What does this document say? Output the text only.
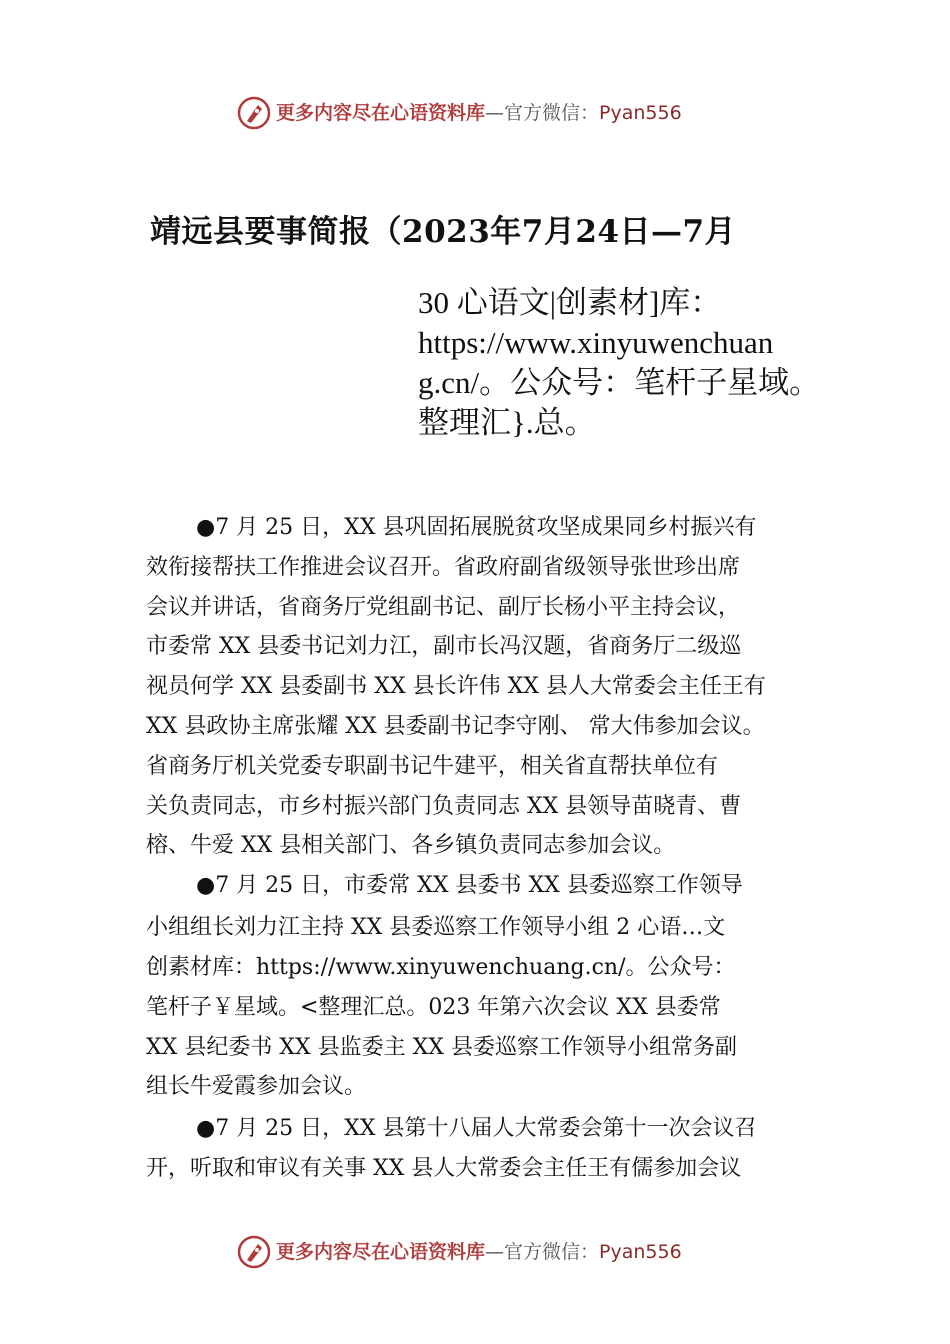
更多内容尽在心语资料库—官方微信：Pyan556
靖远县要事简报（2023年7月24日—7月
30 心语文|创素材]库：
https://www.xinyuwenchuan
g.cn/。公众号：笔杆子星域。
整理汇}.总。
●7 月 25 日，XX 县巩固拓展脱贫攻坚成果同乡村振兴有
效衔接帮扶工作推进会议召开。省政府副省级领导张世珍出席
会议并讲话，省商务厅党组副书记、副厅长杨小平主持会议，
市委常 XX 县委书记刘力江，副市长冯汉题，省商务厅二级巡
视员何学 XX 县委副书 XX 县长许伟 XX 县人大常委会主任王有
XX 县政协主席张耀 XX 县委副书记李守刚、 常大伟参加会议。
省商务厅机关党委专职副书记牛建平，相关省直帮扶单位有
关负责同志，市乡村振兴部门负责同志 XX 县领导苗晓青、曹
榕、牛爱 XX 县相关部门、各乡镇负责同志参加会议。
●7 月 25 日，市委常 XX 县委书 XX 县委巡察工作领导
小组组长刘力江主持 XX 县委巡察工作领导小组 2 心语…文
创素材库：https://www.xinyuwenchuang.cn/。公众号：
笔杆子￥星域。<整理汇总。023 年第六次会议 XX 县委常
XX 县纪委书 XX 县监委主 XX 县委巡察工作领导小组常务副
组长牛爱霞参加会议。
●7 月 25 日，XX 县第十八届人大常委会第十一次会议召
开，听取和审议有关事 XX 县人大常委会主任王有儒参加会议
更多内容尽在心语资料库—官方微信：Pyan556
